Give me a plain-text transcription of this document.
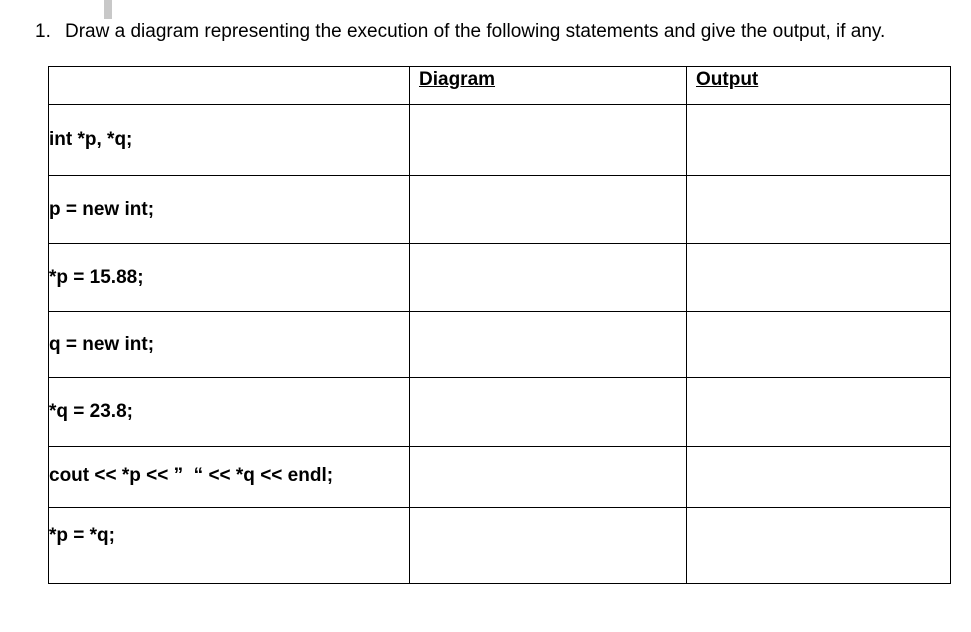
1. Draw a diagram representing the execution of the following statements and give the output, if any.
	Diagram	Output
int *p, *q;		
p = new int;		
*p = 15.88;		
q = new int;		
*q = 23.8;		
cout << *p << ”  “ << *q << endl;		
*p = *q;		
